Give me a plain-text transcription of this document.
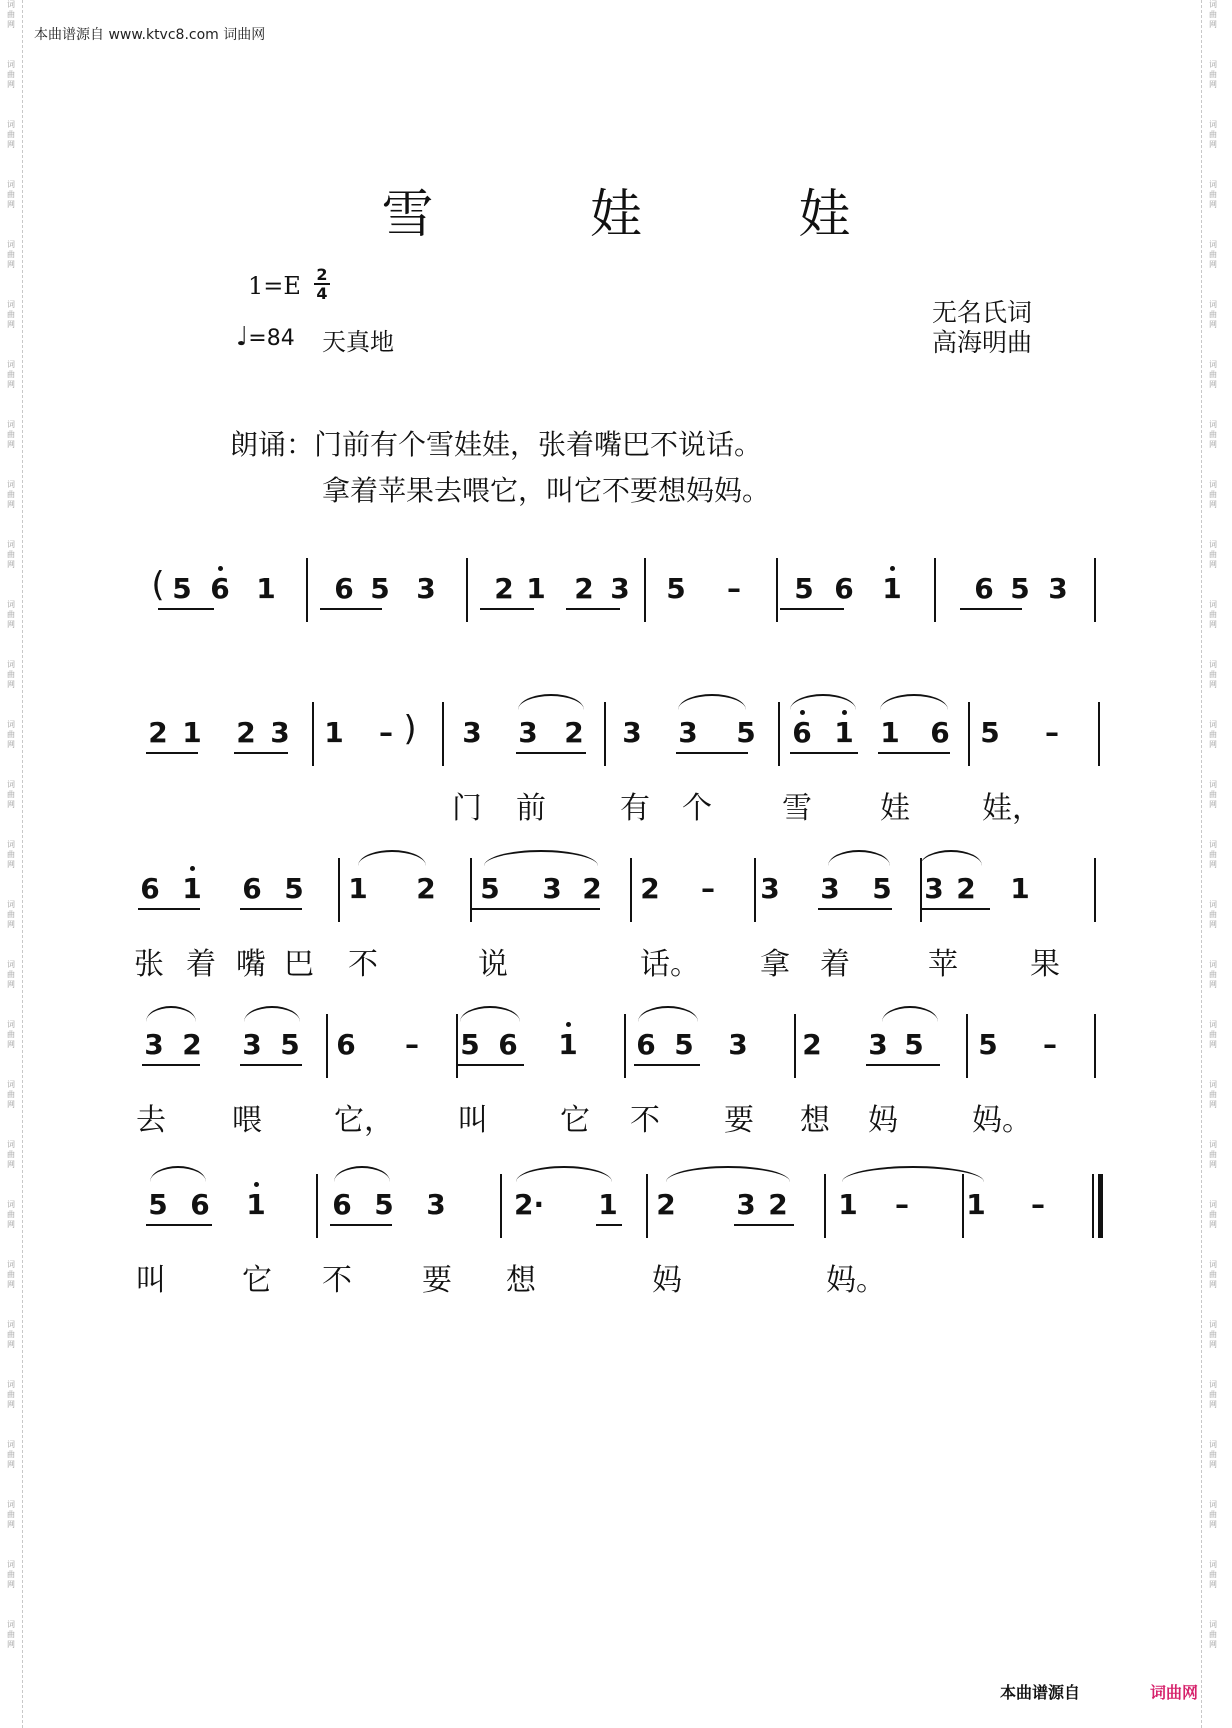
词
曲
网
词
曲
网
词
曲
网
词
曲
网
词
曲
网
词
曲
网
词
曲
网
词
曲
网
词
曲
网
词
曲
网
词
曲
网
词
曲
网
词
曲
网
词
曲
网
词
曲
网
词
曲
网
词
曲
网
词
曲
网
词
曲
网
词
曲
网
词
曲
网
词
曲
网
词
曲
网
词
曲
网
词
曲
网
词
曲
网
词
曲
网
词
曲
网
词
曲
网
词
曲
网
词
曲
网
词
曲
网
词
曲
网
词
曲
网
词
曲
网
词
曲
网
词
曲
网
词
曲
网
词
曲
网
词
曲
网
词
曲
网
词
曲
网
词
曲
网
词
曲
网
词
曲
网
词
曲
网
词
曲
网
词
曲
网
词
曲
网
词
曲
网
词
曲
网
词
曲
网
词
曲
网
词
曲
网
词
曲
网
词
曲
网
本曲谱源自 www.ktvc8.com 词曲网
雪 娃 娃
1=E 2
4
♩=84 天真地
无名氏词
高海明曲
朗诵：门前有个雪娃娃，张着嘴巴不说话。
拿着苹果去喂它，叫它不要想妈妈。
( 5 6 1 6 5 3 2 1 2 3 5 – 5 6 1	6 5 3
2 1 2 3 1 – ) 3 3 2 3 3 5 6 1 1 6 5 –
门 前 有 个 雪 娃 娃，
6 1 6 5 1 2 5 3 2 2 – 3 3 5 3 2 1
张 着 嘴 巴 不	说	话。 拿 着	苹 果
3 2 3 5 6 – 5 6 1 6 5 3 2 3 5 5 –
去 喂 它， 叫 它 不 要 想 妈 妈。
5 6 1 6 5 3 2· 1 2 3 2 1 – 1 –
叫	它 不 要 想	妈	妈。
本曲谱源自	词曲网
